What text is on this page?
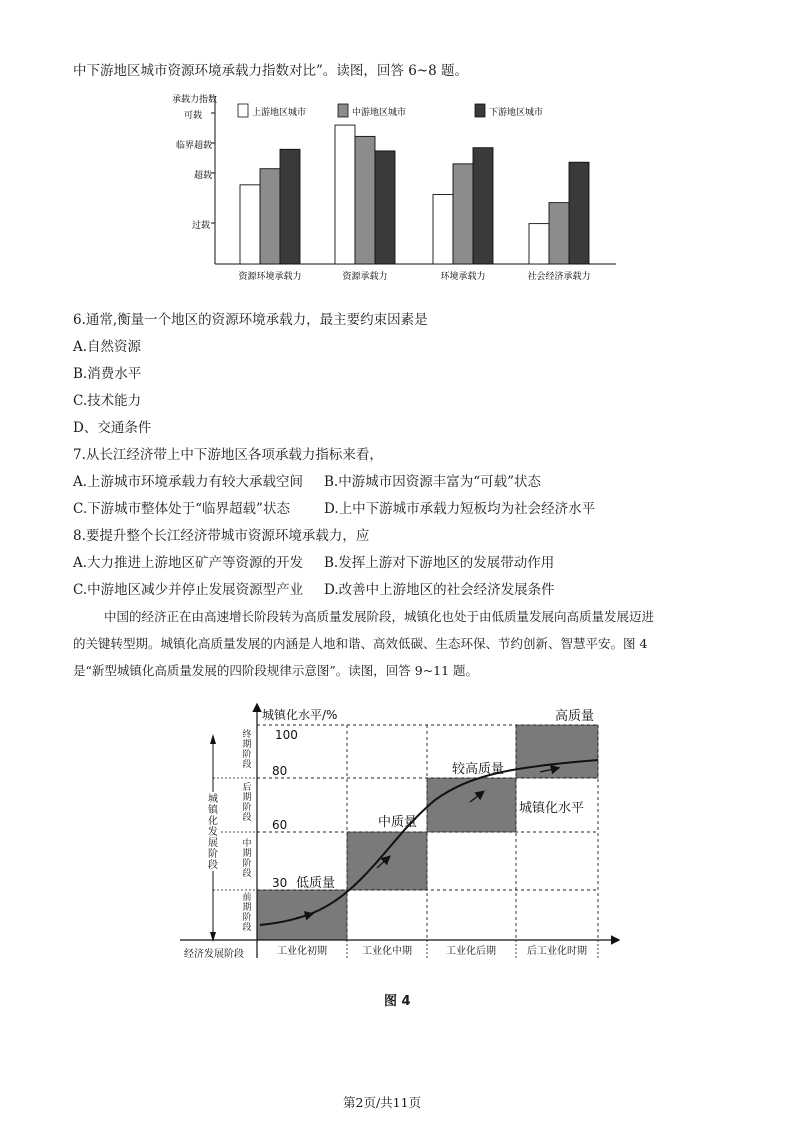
中下游地区城市资源环境承载力指数对比”。读图，回答 6~8 题。
承载力指数
可载
临界超载
超载
过载
上游地区城市	中游地区城市	下游地区城市
资源环境承载力	资源承载力	环境承载力	社会经济承载力
6.通常,衡量一个地区的资源环境承载力，最主要约束因素是
A.自然资源
B.消费水平
C.技术能力
D、交通条件
7.从长江经济带上中下游地区各项承载力指标来看，
A.上游城市环境承载力有较大承载空间 B.中游城市因资源丰富为“可载”状态
C.下游城市整体处于“临界超载”状态	D.上中下游城市承载力短板均为社会经济水平
8.要提升整个长江经济带城市资源环境承载力，应
A.大力推进上游地区矿产等资源的开发 B.发挥上游对下游地区的发展带动作用
C.中游地区减少并停止发展资源型产业 D.改善中上游地区的社会经济发展条件
中国的经济正在由高速增长阶段转为高质量发展阶段，城镇化也处于由低质量发展向高质量发展迈进
的关键转型期。城镇化高质量发展的内涵是人地和谐、高效低碳、生态环保、节约创新、智慧平安。图 4
是“新型城镇化高质量发展的四阶段规律示意图”。读图，回答 9~11 题。
城镇化水平/%
100
80
60
30 低质量
中质量
较高质量
高质量
城镇化水平
经济发展阶段	工业化初期	工业化中期	工业化后期	后工业化时期
终期阶段
后期阶段
中期阶段
前期阶段
城镇化发展阶段
图 4
第2页/共11页
